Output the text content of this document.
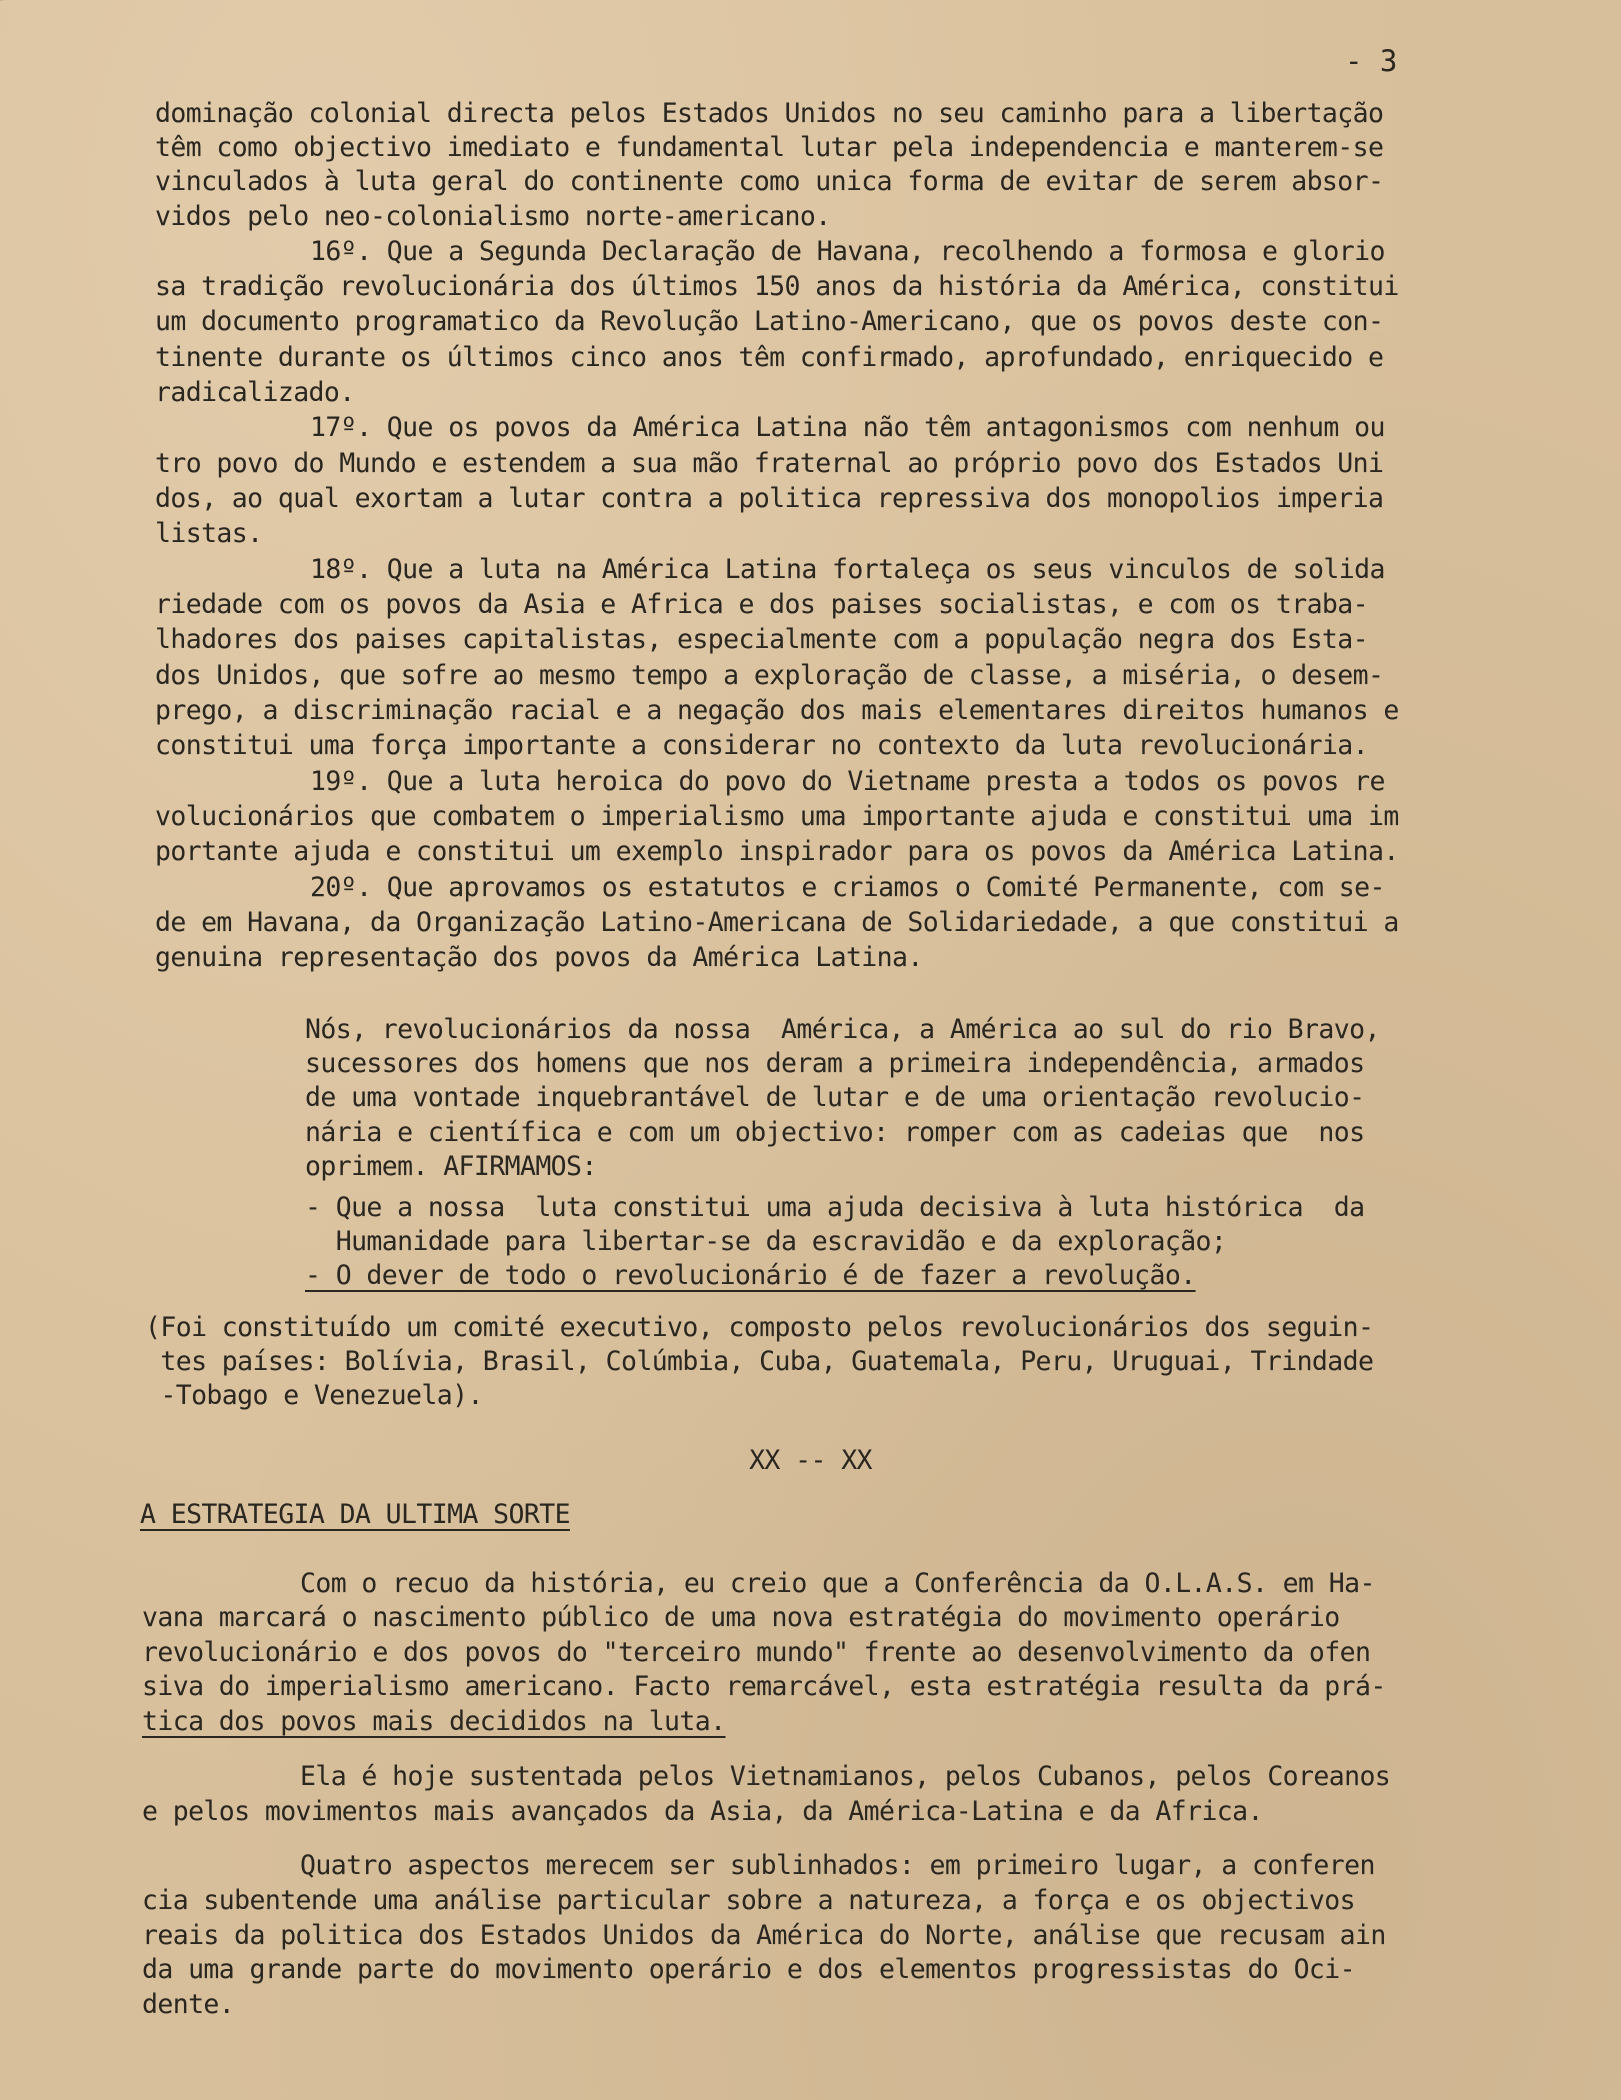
- 3
dominação colonial directa pelos Estados Unidos no seu caminho para a libertação
têm como objectivo imediato e fundamental lutar pela independencia e manterem-se
vinculados à luta geral do continente como unica forma de evitar de serem absor-
vidos pelo neo-colonialismo norte-americano.
16º. Que a Segunda Declaração de Havana, recolhendo a formosa e glorio
sa tradição revolucionária dos últimos 150 anos da história da América, constitui
um documento programatico da Revolução Latino-Americano, que os povos deste con-
tinente durante os últimos cinco anos têm confirmado, aprofundado, enriquecido e
radicalizado.
17º. Que os povos da América Latina não têm antagonismos com nenhum ou
tro povo do Mundo e estendem a sua mão fraternal ao próprio povo dos Estados Uni
dos, ao qual exortam a lutar contra a politica repressiva dos monopolios imperia
listas.
18º. Que a luta na América Latina fortaleça os seus vinculos de solida
riedade com os povos da Asia e Africa e dos paises socialistas, e com os traba-
lhadores dos paises capitalistas, especialmente com a população negra dos Esta-
dos Unidos, que sofre ao mesmo tempo a exploração de classe, a miséria, o desem-
prego, a discriminação racial e a negação dos mais elementares direitos humanos e
constitui uma força importante a considerar no contexto da luta revolucionária.
19º. Que a luta heroica do povo do Vietname presta a todos os povos re
volucionários que combatem o imperialismo uma importante ajuda e constitui uma im
portante ajuda e constitui um exemplo inspirador para os povos da América Latina.
20º. Que aprovamos os estatutos e criamos o Comité Permanente, com se-
de em Havana, da Organização Latino-Americana de Solidariedade, a que constitui a
genuina representação dos povos da América Latina.
Nós, revolucionários da nossa  América, a América ao sul do rio Bravo,
sucessores dos homens que nos deram a primeira independência, armados
de uma vontade inquebrantável de lutar e de uma orientação revolucio-
nária e científica e com um objectivo: romper com as cadeias que  nos
oprimem. AFIRMAMOS:
- Que a nossa  luta constitui uma ajuda decisiva à luta histórica  da
Humanidade para libertar-se da escravidão e da exploração;
- O dever de todo o revolucionário é de fazer a revolução.
(Foi constituído um comité executivo, composto pelos revolucionários dos seguin-
tes países: Bolívia, Brasil, Colúmbia, Cuba, Guatemala, Peru, Uruguai, Trindade
-Tobago e Venezuela).
XX -- XX
A ESTRATEGIA DA ULTIMA SORTE
Com o recuo da história, eu creio que a Conferência da O.L.A.S. em Ha-
vana marcará o nascimento público de uma nova estratégia do movimento operário
revolucionário e dos povos do "terceiro mundo" frente ao desenvolvimento da ofen
siva do imperialismo americano. Facto remarcável, esta estratégia resulta da prá-
tica dos povos mais decididos na luta.
Ela é hoje sustentada pelos Vietnamianos, pelos Cubanos, pelos Coreanos
e pelos movimentos mais avançados da Asia, da América-Latina e da Africa.
Quatro aspectos merecem ser sublinhados: em primeiro lugar, a conferen
cia subentende uma análise particular sobre a natureza, a força e os objectivos
reais da politica dos Estados Unidos da América do Norte, análise que recusam ain
da uma grande parte do movimento operário e dos elementos progressistas do Oci-
dente.
